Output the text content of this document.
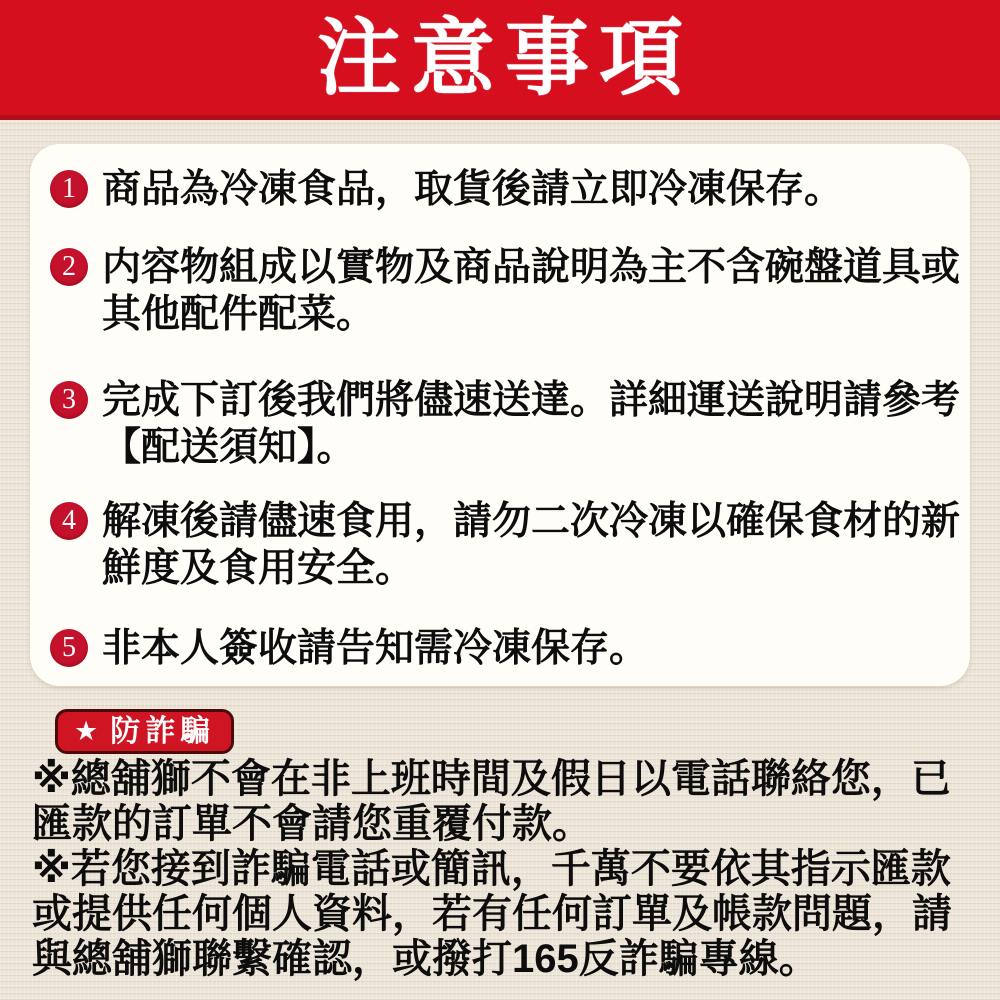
注意事項
1 商品為冷凍食品，取貨後請立即冷凍保存。
2 内容物組成以實物及商品說明為主不含碗盤道具或
其他配件配菜。
3 完成下訂後我們將儘速送達。詳細運送說明請參考
【配送須知】。
4 解凍後請儘速食用，請勿二次冷凍以確保食材的新
鮮度及食用安全。
5 非本人簽收請告知需冷凍保存。
★ 防詐騙
※總舖獅不會在非上班時間及假日以電話聯絡您，已
匯款的訂單不會請您重覆付款。
※若您接到詐騙電話或簡訊，千萬不要依其指示匯款
或提供任何個人資料，若有任何訂單及帳款問題，請
與總舖獅聯繫確認，或撥打165反詐騙專線。
